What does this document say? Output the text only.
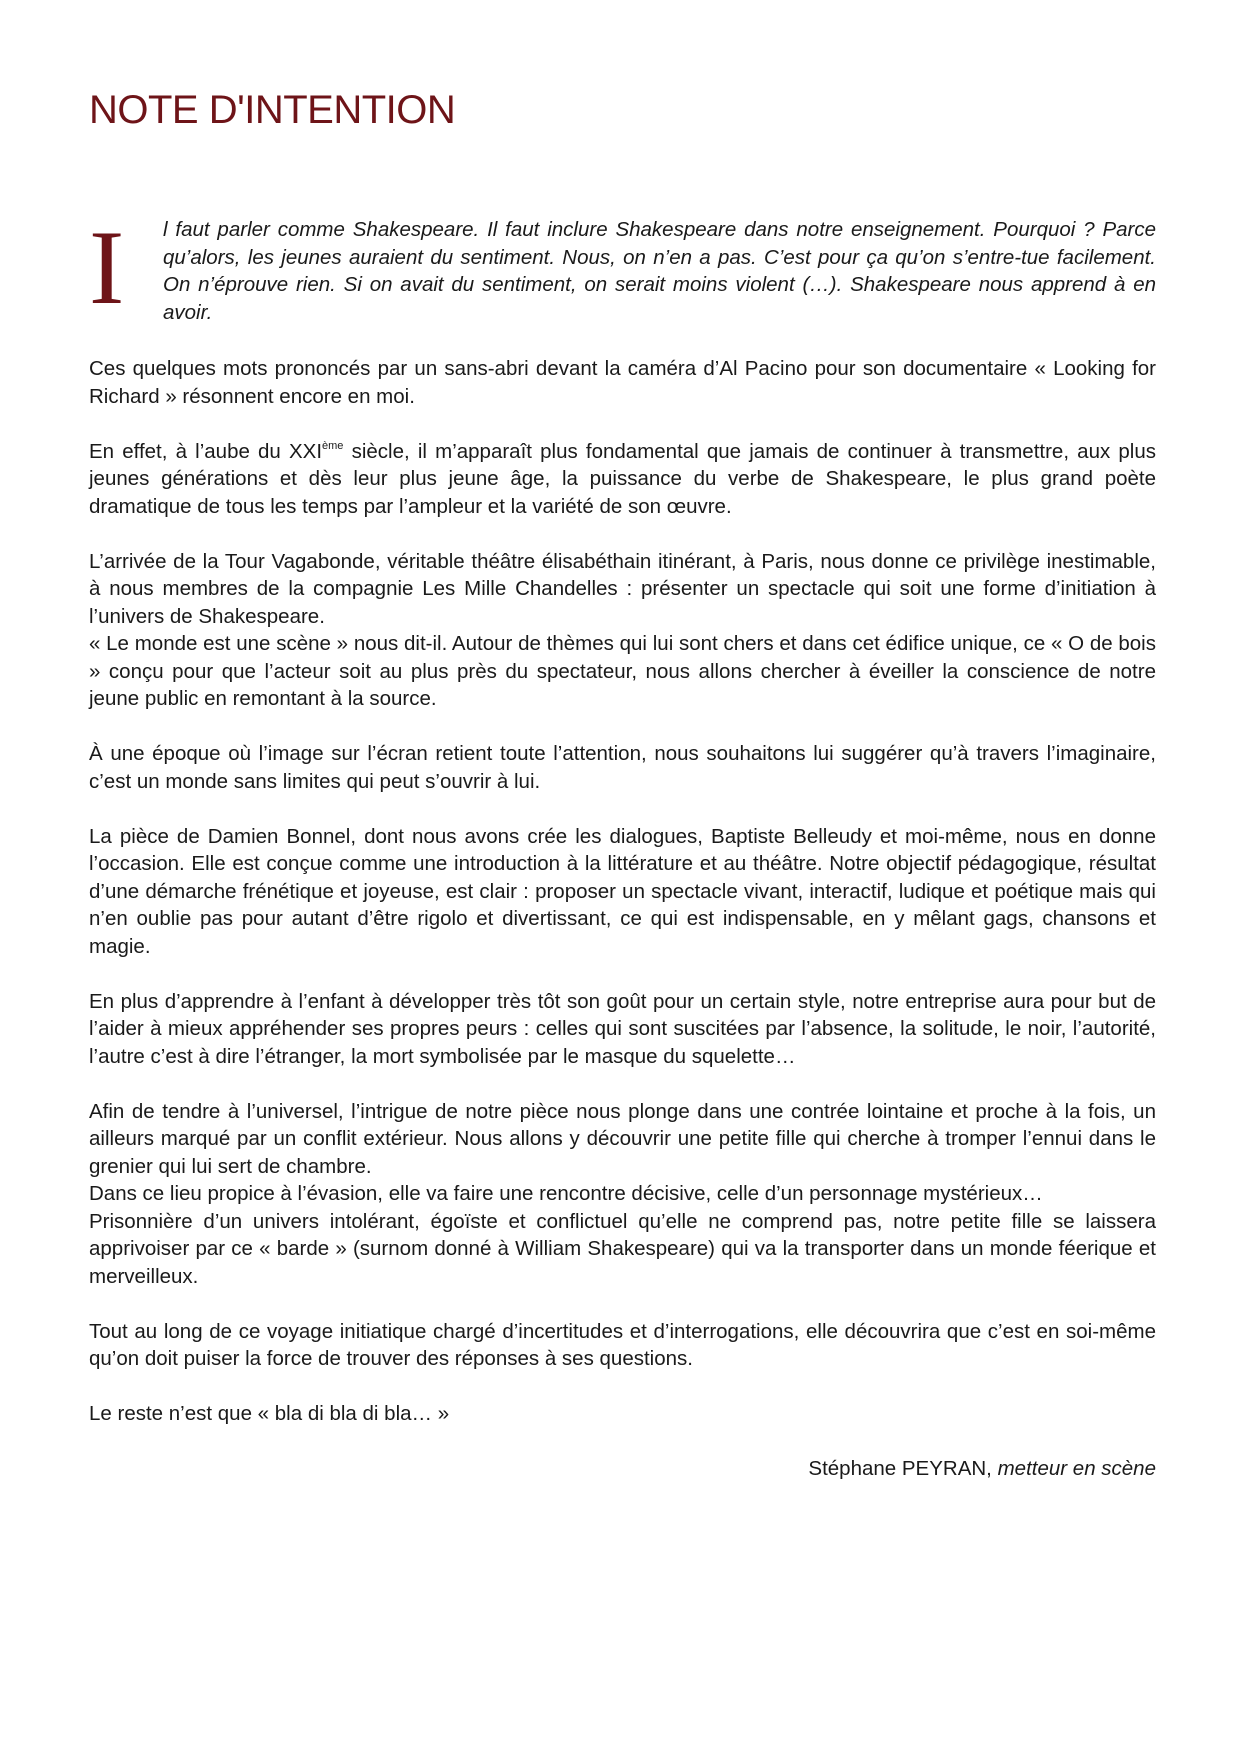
NOTE D'INTENTION
I l faut parler comme Shakespeare. Il faut inclure Shakespeare dans notre enseignement. Pourquoi ? Parce qu’alors, les jeunes auraient du sentiment. Nous, on n’en a pas. C’est pour ça qu’on s’entre-tue facilement. On n’éprouve rien. Si on avait du sentiment, on serait moins violent (…). Shakespeare nous apprend à en avoir.

Ces quelques mots prononcés par un sans-abri devant la caméra d’Al Pacino pour son documentaire « Looking for Richard » résonnent encore en moi.

En effet, à l’aube du XXIème siècle, il m’apparaît plus fondamental que jamais de continuer à transmettre, aux plus jeunes générations et dès leur plus jeune âge, la puissance du verbe de Shakespeare, le plus grand poète dramatique de tous les temps par l’ampleur et la variété de son œuvre.

L’arrivée de la Tour Vagabonde, véritable théâtre élisabéthain itinérant, à Paris, nous donne ce privilège inestimable, à nous membres de la compagnie Les Mille Chandelles : présenter un spectacle qui soit une forme d’initiation à l’univers de Shakespeare.

« Le monde est une scène » nous dit-il. Autour de thèmes qui lui sont chers et dans cet édifice unique, ce « O de bois » conçu pour que l’acteur soit au plus près du spectateur, nous allons chercher à éveiller la conscience de notre jeune public en remontant à la source.

À une époque où l’image sur l’écran retient toute l’attention, nous souhaitons lui suggérer qu’à travers l’imaginaire, c’est un monde sans limites qui peut s’ouvrir à lui.

La pièce de Damien Bonnel, dont nous avons crée les dialogues, Baptiste Belleudy et moi-même, nous en donne l’occasion. Elle est conçue comme une introduction à la littérature et au théâtre. Notre objectif pédagogique, résultat d’une démarche frénétique et joyeuse, est clair : proposer un spectacle vivant, interactif, ludique et poétique mais qui n’en oublie pas pour autant d’être rigolo et divertissant, ce qui est indispensable, en y mêlant gags, chansons et magie.

En plus d’apprendre à l’enfant à développer très tôt son goût pour un certain style, notre entreprise aura pour but de l’aider à mieux appréhender ses propres peurs : celles qui sont suscitées par l’absence, la solitude, le noir, l’autorité, l’autre c’est à dire l’étranger, la mort symbolisée par le masque du squelette…

Afin de tendre à l’universel, l’intrigue de notre pièce nous plonge dans une contrée lointaine et proche à la fois, un ailleurs marqué par un conflit extérieur. Nous allons y découvrir une petite fille qui cherche à tromper l’ennui dans le grenier qui lui sert de chambre.

Dans ce lieu propice à l’évasion, elle va faire une rencontre décisive, celle d’un personnage mystérieux…

Prisonnière d’un univers intolérant, égoïste et conflictuel qu’elle ne comprend pas, notre petite fille se laissera apprivoiser par ce « barde » (surnom donné à William Shakespeare) qui va la transporter dans un monde féerique et merveilleux.

Tout au long de ce voyage initiatique chargé d’incertitudes et d’interrogations, elle découvrira que c’est en soi-même qu’on doit puiser la force de trouver des réponses à ses questions.

Le reste n’est que « bla di bla di bla… »

Stéphane PEYRAN, metteur en scène
